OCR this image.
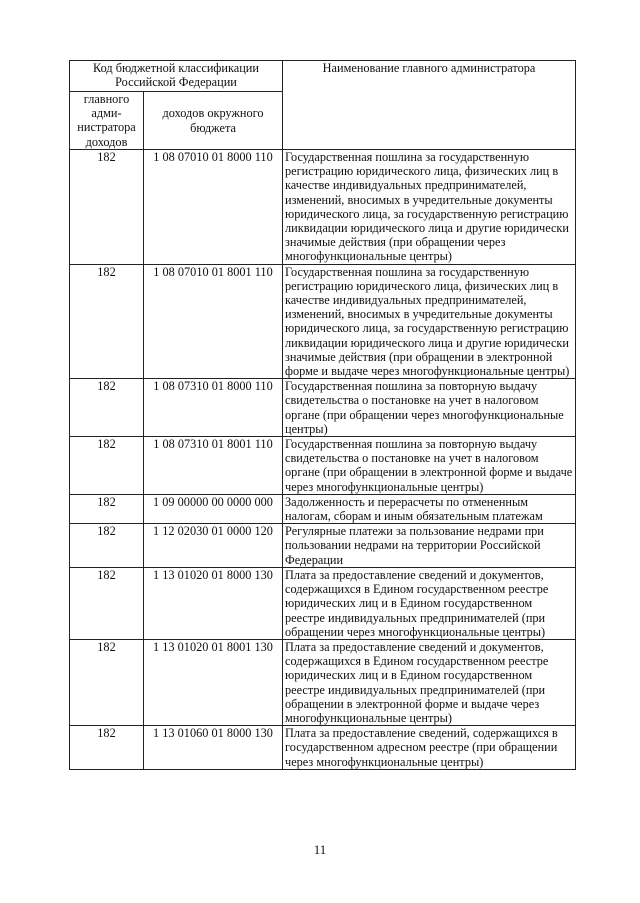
Код бюджетной классификации Российской Федерации		Наименование главного администратора
главного адми-нистратора доходов	доходов окружного бюджета	
182	1 08 07010 01 8000 110	Государственная пошлина за государственную регистрацию юридического лица, физических лиц в качестве индивидуальных предпринимателей, изменений, вносимых в учредительные документы юридического лица, за государственную регистрацию ликвидации юридического лица и другие юридически значимые действия (при обращении через многофункциональные центры)
182	1 08 07010 01 8001 110	Государственная пошлина за государственную регистрацию юридического лица, физических лиц в качестве индивидуальных предпринимателей, изменений, вносимых в учредительные документы юридического лица, за государственную регистрацию ликвидации юридического лица и другие юридически значимые действия (при обращении в электронной форме и выдаче через многофункциональные центры)
182	1 08 07310 01 8000 110	Государственная пошлина за повторную выдачу свидетельства о постановке на учет в налоговом органе (при обращении через многофункциональные центры)
182	1 08 07310 01 8001 110	Государственная пошлина за повторную выдачу свидетельства о постановке на учет в налоговом органе (при обращении в электронной форме и выдаче через многофункциональные центры)
182	1 09 00000 00 0000 000	Задолженность и перерасчеты по отмененным налогам, сборам и иным обязательным платежам
182	1 12 02030 01 0000 120	Регулярные платежи за пользование недрами при пользовании недрами на территории Российской Федерации
182	1 13 01020 01 8000 130	Плата за предоставление сведений и документов, содержащихся в Едином государственном реестре юридических лиц и в Едином государственном реестре индивидуальных предпринимателей (при обращении через многофункциональные центры)
182	1 13 01020 01 8001 130	Плата за предоставление сведений и документов, содержащихся в Едином государственном реестре юридических лиц и в Едином государственном реестре индивидуальных предпринимателей (при обращении в электронной форме и выдаче через многофункциональные центры)
182	1 13 01060 01 8000 130	Плата за предоставление сведений, содержащихся в государственном адресном реестре (при обращении через многофункциональные центры)
11
